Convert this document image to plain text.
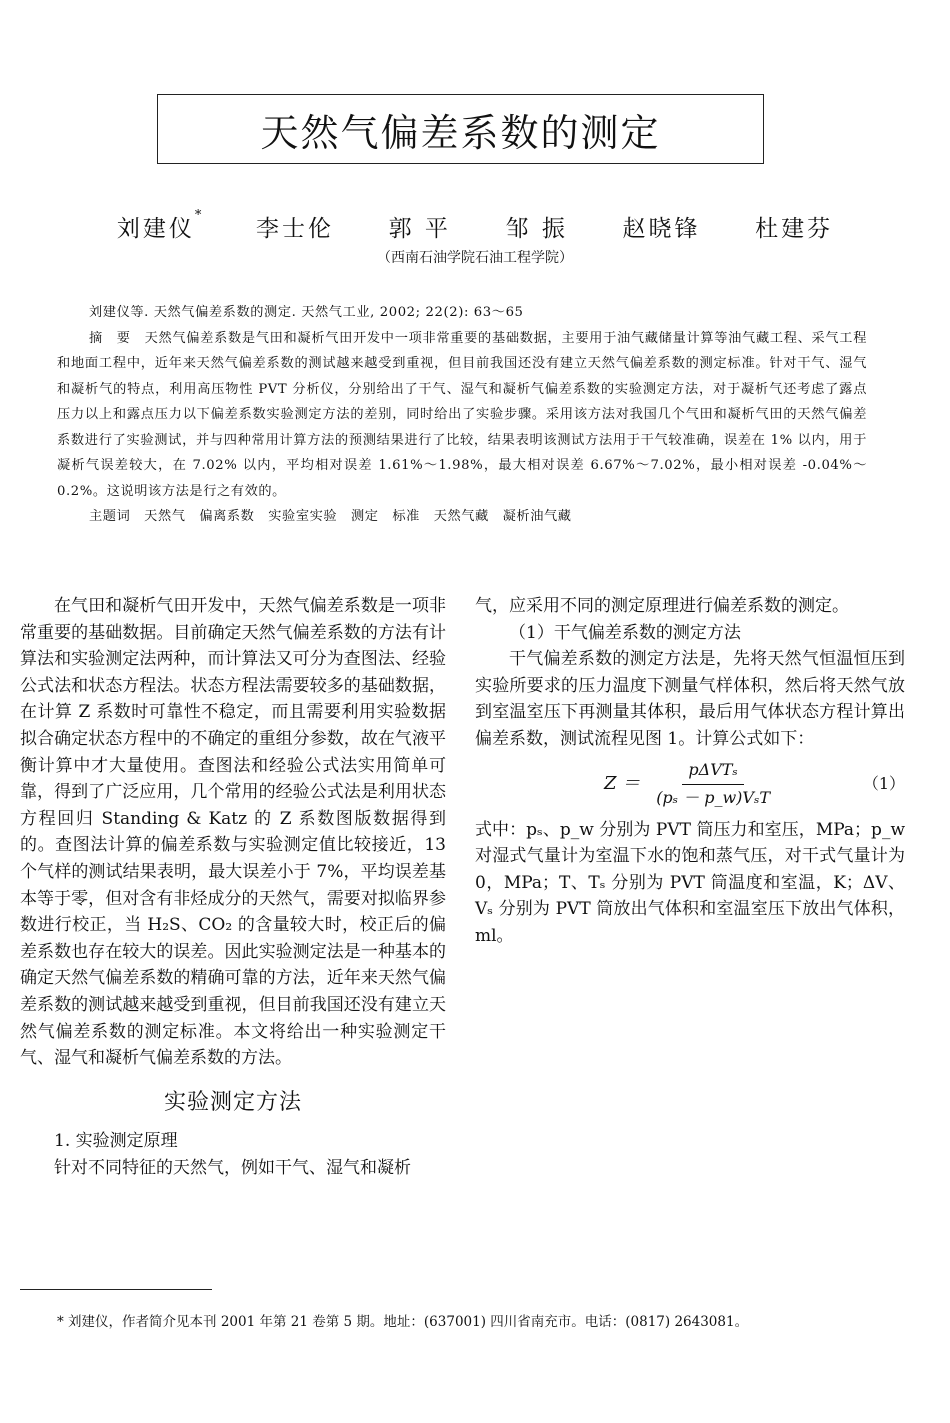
天然气偏差系数的测定
刘建仪*  李士伦 郭 平 邹 振 赵晓锋 杜建芬
（西南石油学院石油工程学院）

刘建仪等. 天然气偏差系数的测定. 天然气工业, 2002; 22(2): 63～65

摘　要　 天然气偏差系数是气田和凝析气田开发中一项非常重要的基础数据，主要用于油气藏储量计算等油气藏工程、采气工程和地面工程中，近年来天然气偏差系数的测试越来越受到重视，但目前我国还没有建立天然气偏差系数的测定标准。针对干气、湿气和凝析气的特点，利用高压物性 PVT 分析仪，分别给出了干气、湿气和凝析气偏差系数的实验测定方法，对于凝析气还考虑了露点压力以上和露点压力以下偏差系数实验测定方法的差别，同时给出了实验步骤。采用该方法对我国几个气田和凝析气田的天然气偏差系数进行了实验测试，并与四种常用计算方法的预测结果进行了比较，结果表明该测试方法用于干气较准确，误差在 1% 以内，用于凝析气误差较大，在 7.02% 以内，平均相对误差 1.61%～1.98%，最大相对误差 6.67%～7.02%，最小相对误差 -0.04%～0.2%。这说明该方法是行之有效的。

主题词　 天然气　偏离系数　实验室实验　测定　标准　天然气藏　凝析油气藏

在气田和凝析气田开发中，天然气偏差系数是一项非常重要的基础数据。目前确定天然气偏差系数的方法有计算法和实验测定法两种，而计算法又可分为查图法、经验公式法和状态方程法。状态方程法需要较多的基础数据，在计算 Z 系数时可靠性不稳定，而且需要利用实验数据拟合确定状态方程中的不确定的重组分参数，故在气液平衡计算中才大量使用。查图法和经验公式法实用简单可靠，得到了广泛应用，几个常用的经验公式法是利用状态方程回归 Standing & Katz 的 Z 系数图版数据得到的。查图法计算的偏差系数与实验测定值比较接近，13 个气样的测试结果表明，最大误差小于 7%，平均误差基本等于零，但对含有非烃成分的天然气，需要对拟临界参数进行校正，当 H₂S、CO₂ 的含量较大时，校正后的偏差系数也存在较大的误差。因此实验测定法是一种基本的确定天然气偏差系数的精确可靠的方法，近年来天然气偏差系数的测试越来越受到重视，但目前我国还没有建立天然气偏差系数的测定标准。本文将给出一种实验测定干气、湿气和凝析气偏差系数的方法。

实验测定方法

1. 实验测定原理

针对不同特征的天然气，例如干气、湿气和凝析

气，应采用不同的测定原理进行偏差系数的测定。

（1）干气偏差系数的测定方法

干气偏差系数的测定方法是，先将天然气恒温恒压到实验所要求的压力温度下测量气样体积，然后将天然气放到室温室压下再测量其体积，最后用气体状态方程计算出偏差系数，测试流程见图 1。计算公式如下：

$Z = \frac{\text{pΔVTₛ}}{\text{(pₛ － p\_w)VₛT}}$	（1）

式中：pₛ、p_w 分别为 PVT 筒压力和室压，MPa；p_w 对湿式气量计为室温下水的饱和蒸气压，对干式气量计为 0，MPa；T、Tₛ 分别为 PVT 筒温度和室温，K；ΔV、Vₛ 分别为 PVT 筒放出气体积和室温室压下放出气体积，ml。

* 刘建仪，作者简介见本刊 2001 年第 21 卷第 5 期。地址：(637001) 四川省南充市。电话：(0817) 2643081。
